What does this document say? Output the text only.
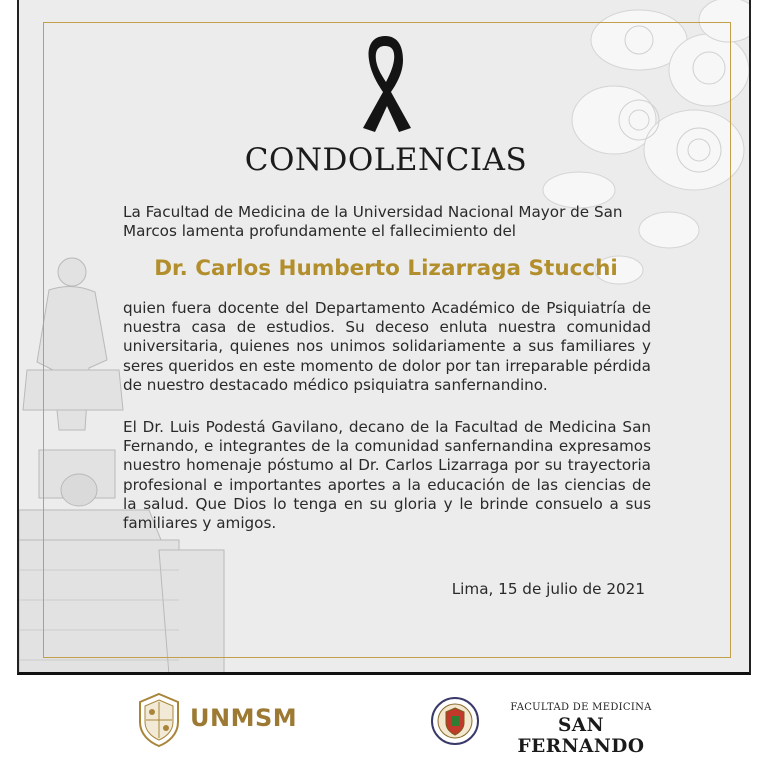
CONDOLENCIAS
La Facultad de Medicina de la Universidad Nacional Mayor de San Marcos lamenta profundamente el fallecimiento del
Dr. Carlos Humberto Lizarraga Stucchi
quien fuera docente del Departamento Académico de Psiquiatría de nuestra casa de estudios. Su deceso enluta nuestra comunidad universitaria, quienes nos unimos solidariamente a sus familiares y seres queridos en este momento de dolor por tan irreparable pérdida de nuestro destacado médico psiquiatra sanfernandino.
El Dr. Luis Podestá Gavilano, decano de la Facultad de Medicina San Fernando, e integrantes de la comunidad sanfernandina expresamos nuestro homenaje póstumo al Dr. Carlos Lizarraga por su trayectoria profesional e importantes aportes a la educación de las ciencias de la salud. Que Dios lo tenga en su gloria y le brinde consuelo a sus familiares y amigos.
Lima, 15 de julio de 2021
UNMSM	FACULTAD DE MEDICINA
SAN FERNANDO
